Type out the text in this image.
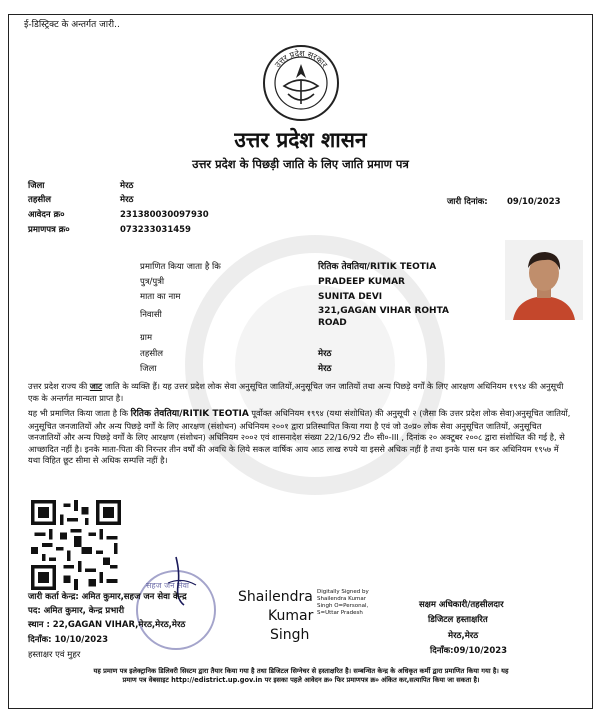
ई-डिस्ट्रिक्ट के अन्तर्गत जारी..
उत्तर प्रदेश सरकार
उत्तर प्रदेश शासन
उत्तर प्रदेश के पिछड़ी जाति के लिए जाति प्रमाण पत्र
जिला	मेरठ
तहसील	मेरठ
आवेदन क्र०	231380030097930
प्रमाणपत्र क्र०	073233031459
जारी दिनांक: 09/10/2023
प्रमाणित किया जाता है कि	रितिक तेवतिया/RITIK TEOTIA
पुत्र/पुत्री	PRADEEP KUMAR
माता का नाम	SUNITA DEVI
निवासी	321,GAGAN VIHAR ROHTA
ROAD
ग्राम
तहसील	मेरठ
जिला	मेरठ
उत्तर प्रदेश राज्य की जाट जाति के व्यक्ति हैं। यह उत्तर प्रदेश लोक सेवा अनुसूचित जातियों,अनुसूचित जन जातियों तथा अन्य पिछड़े वर्गों के लिए आरक्षण अधिनियम १९९४ की अनुसूची एक के अन्तर्गत मान्यता प्राप्त है।
यह भी प्रमाणित किया जाता है कि रितिक तेवतिया/RITIK TEOTIA पूर्वोक्त अधिनियम १९९४ (यथा संशोधित) की अनुसूची २ (जैसा कि उत्तर प्रदेश लोक सेवा)अनुसूचित जातियों, अनुसूचित जनजातियों और अन्य पिछड़े वर्गों के लिए आरक्षण (संशोधन) अधिनियम २००१ द्वारा प्रतिस्थापित किया गया है एवं जो उ०प्र० लोक सेवा अनुसूचित जातियों, अनुसूचित जनजातियों और अन्य पिछड़े वर्गों के लिए आरक्षण (संशोधन) अधिनियम २००२ एवं शासनादेश संख्या 22/16/92 टी० सी०-III , दिनांक २० अक्टूबर २००८ द्वारा संशोधित की गई है, से आच्छादित नहीं है। इनके माता-पिता की निरन्तर तीन वर्षों की अवधि के लिये सकल वार्षिक आय आठ लाख रुपये या इससे अधिक नहीं है तथा इनके पास धन कर अधिनियम १९५७ में यथा विहित छूट सीमा से अधिक सम्पत्ति नहीं है।
सहज जन सेवा
जारी कर्ता केन्द्र: अमित कुमार,सहज जन सेवा केन्द्र
पद: अमित कुमार, केन्द्र प्रभारी
स्थान : 22,GAGAN VIHAR,मेरठ,मेरठ,मेरठ
दिनाँक: 10/10/2023
हस्ताक्षर एवं मुहर
Shailendra
Kumar
Singh
Digitally Signed by
Shailendra Kumar
Singh O=Personal,
S=Uttar Pradesh
सक्षम अधिकारी/तहसीलदार
डिजिटल हस्ताक्षरित
मेरठ,मेरठ
दिनाँक:09/10/2023
यह प्रमाण पत्र इलेक्ट्रानिक डिलिवरी सिस्टम द्वारा तैयार किया गया है तथा डिजिटल सिग्नेचर से हस्ताक्षरित है। सम्बन्धित केन्द्र के अधिकृत कर्मी द्वारा प्रमाणित किया गया है। यह
प्रमाण पत्र वेबसाइट http://edistrict.up.gov.in पर इसका पहले आवेदन क्र० फिर प्रमाणपत्र क्र० अंकित कर,सत्यापित किया जा सकता है।
